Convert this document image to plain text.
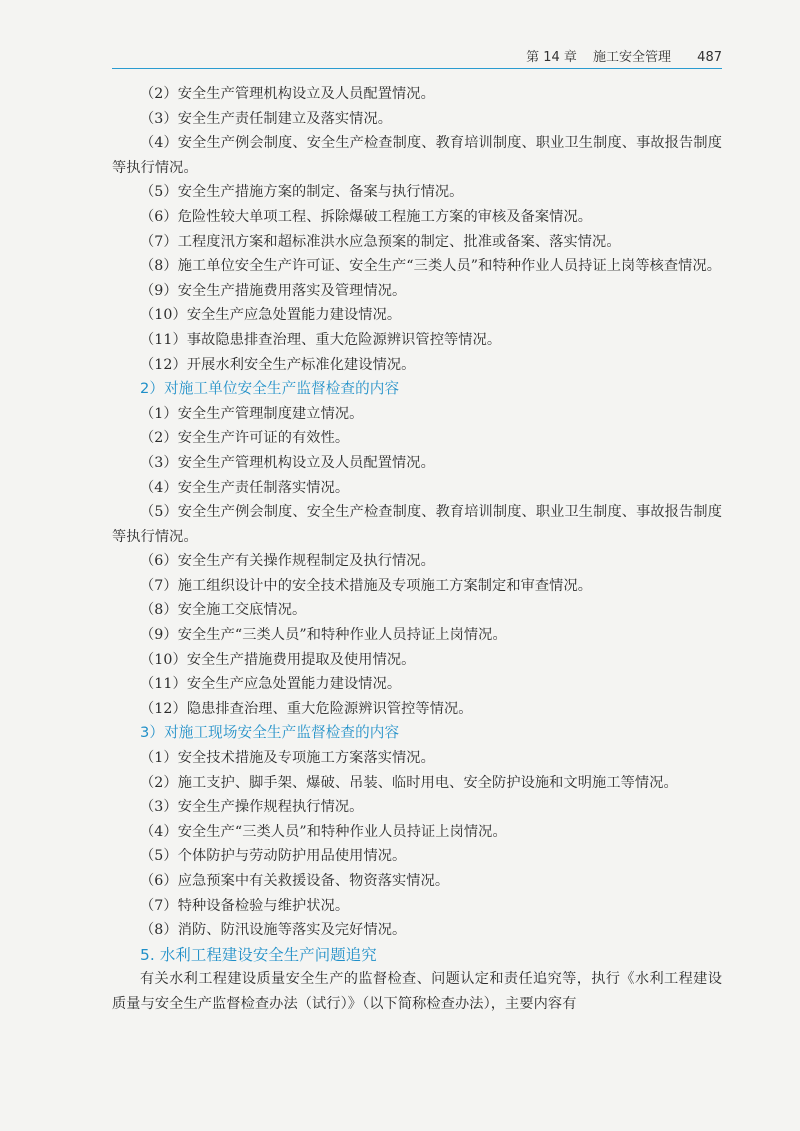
第 14 章 施工安全管理 487
（2）安全生产管理机构设立及人员配置情况。
（3）安全生产责任制建立及落实情况。
（4）安全生产例会制度、安全生产检查制度、教育培训制度、职业卫生制度、事故报告制度等执行情况。
（5）安全生产措施方案的制定、备案与执行情况。
（6）危险性较大单项工程、拆除爆破工程施工方案的审核及备案情况。
（7）工程度汛方案和超标准洪水应急预案的制定、批准或备案、落实情况。
（8）施工单位安全生产许可证、安全生产“三类人员”和特种作业人员持证上岗等核查情况。
（9）安全生产措施费用落实及管理情况。
（10）安全生产应急处置能力建设情况。
（11）事故隐患排查治理、重大危险源辨识管控等情况。
（12）开展水利安全生产标准化建设情况。
2）对施工单位安全生产监督检查的内容
（1）安全生产管理制度建立情况。
（2）安全生产许可证的有效性。
（3）安全生产管理机构设立及人员配置情况。
（4）安全生产责任制落实情况。
（5）安全生产例会制度、安全生产检查制度、教育培训制度、职业卫生制度、事故报告制度等执行情况。
（6）安全生产有关操作规程制定及执行情况。
（7）施工组织设计中的安全技术措施及专项施工方案制定和审查情况。
（8）安全施工交底情况。
（9）安全生产“三类人员”和特种作业人员持证上岗情况。
（10）安全生产措施费用提取及使用情况。
（11）安全生产应急处置能力建设情况。
（12）隐患排查治理、重大危险源辨识管控等情况。
3）对施工现场安全生产监督检查的内容
（1）安全技术措施及专项施工方案落实情况。
（2）施工支护、脚手架、爆破、吊装、临时用电、安全防护设施和文明施工等情况。
（3）安全生产操作规程执行情况。
（4）安全生产“三类人员”和特种作业人员持证上岗情况。
（5）个体防护与劳动防护用品使用情况。
（6）应急预案中有关救援设备、物资落实情况。
（7）特种设备检验与维护状况。
（8）消防、防汛设施等落实及完好情况。
5. 水利工程建设安全生产问题追究
有关水利工程建设质量安全生产的监督检查、问题认定和责任追究等，执行《水利工程建设质量与安全生产监督检查办法（试行）》（以下简称检查办法），主要内容有
